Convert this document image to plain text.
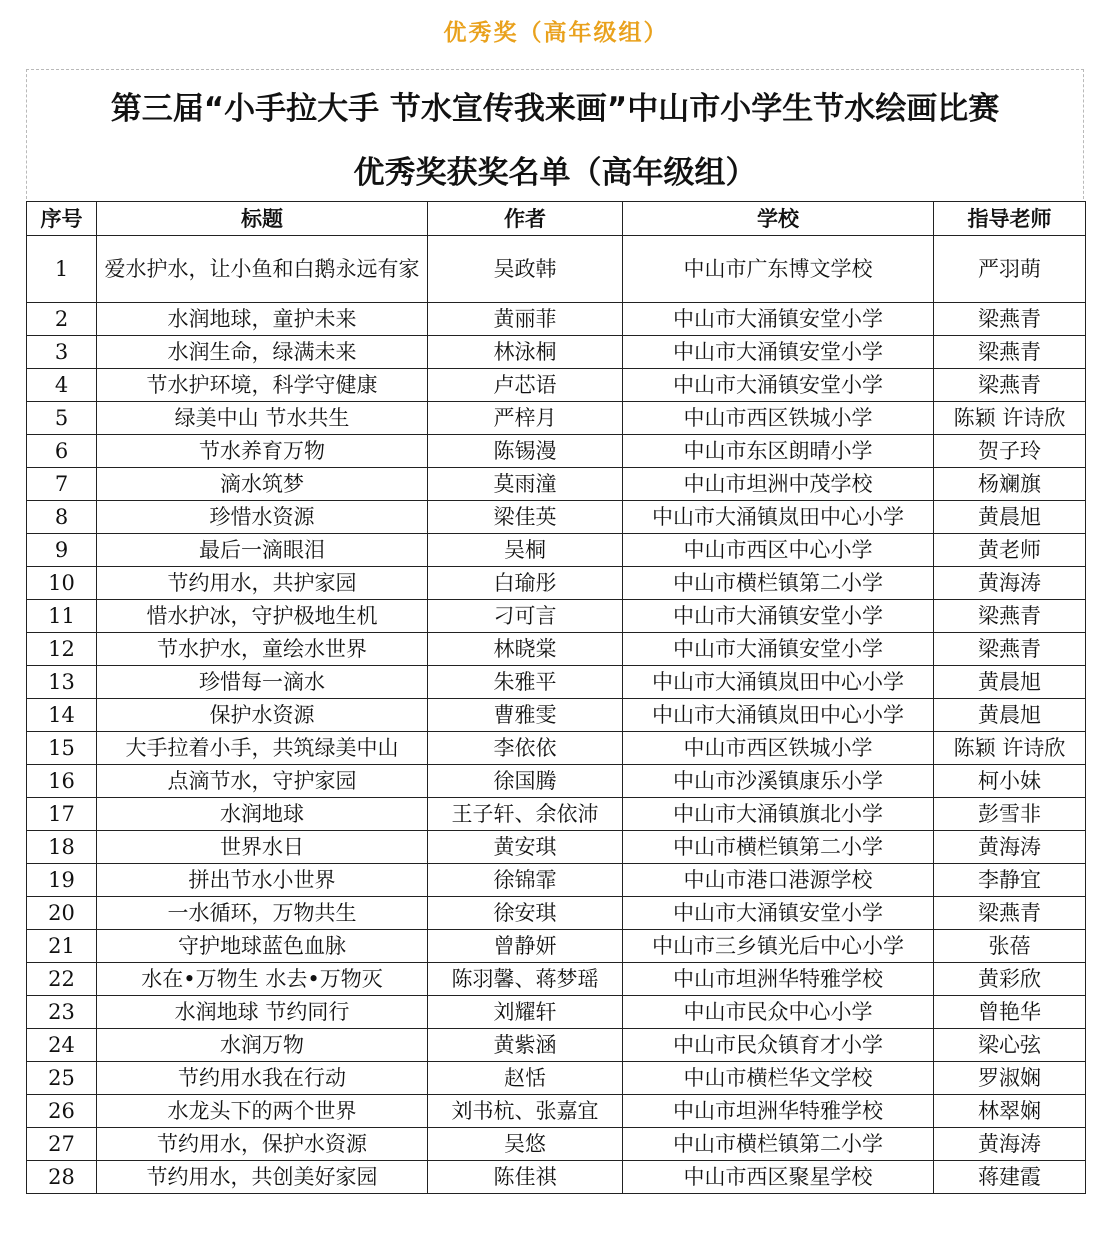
优秀奖（高年级组）
第三届“小手拉大手 节水宣传我来画”中山市小学生节水绘画比赛
优秀奖获奖名单（高年级组）
序号	标题	作者	学校	指导老师
1	爱水护水，让小鱼和白鹅永远有家	吴政韩	中山市广东博文学校	严羽萌
2	水润地球，童护未来	黄丽菲	中山市大涌镇安堂小学	梁燕青
3	水润生命，绿满未来	林泳桐	中山市大涌镇安堂小学	梁燕青
4	节水护环境，科学守健康	卢芯语	中山市大涌镇安堂小学	梁燕青
5	绿美中山 节水共生	严梓月	中山市西区铁城小学	陈颖 许诗欣
6	节水养育万物	陈锡漫	中山市东区朗晴小学	贺子玲
7	滴水筑梦	莫雨潼	中山市坦洲中茂学校	杨斓旗
8	珍惜水资源	梁佳英	中山市大涌镇岚田中心小学	黄晨旭
9	最后一滴眼泪	吴桐	中山市西区中心小学	黄老师
10	节约用水，共护家园	白瑜彤	中山市横栏镇第二小学	黄海涛
11	惜水护冰，守护极地生机	刁可言	中山市大涌镇安堂小学	梁燕青
12	节水护水，童绘水世界	林晓棠	中山市大涌镇安堂小学	梁燕青
13	珍惜每一滴水	朱雅平	中山市大涌镇岚田中心小学	黄晨旭
14	保护水资源	曹雅雯	中山市大涌镇岚田中心小学	黄晨旭
15	大手拉着小手，共筑绿美中山	李依依	中山市西区铁城小学	陈颖 许诗欣
16	点滴节水，守护家园	徐国腾	中山市沙溪镇康乐小学	柯小妹
17	水润地球	王子轩、余依沛	中山市大涌镇旗北小学	彭雪非
18	世界水日	黄安琪	中山市横栏镇第二小学	黄海涛
19	拼出节水小世界	徐锦霏	中山市港口港源学校	李静宜
20	一水循环，万物共生	徐安琪	中山市大涌镇安堂小学	梁燕青
21	守护地球蓝色血脉	曾静妍	中山市三乡镇光后中心小学	张蓓
22	水在•万物生 水去•万物灭	陈羽馨、蒋梦瑶	中山市坦洲华特雅学校	黄彩欣
23	水润地球 节约同行	刘耀轩	中山市民众中心小学	曾艳华
24	水润万物	黄紫涵	中山市民众镇育才小学	梁心弦
25	节约用水我在行动	赵恬	中山市横栏华文学校	罗淑娴
26	水龙头下的两个世界	刘书杭、张嘉宜	中山市坦洲华特雅学校	林翠娴
27	节约用水，保护水资源	吴悠	中山市横栏镇第二小学	黄海涛
28	节约用水，共创美好家园	陈佳祺	中山市西区聚星学校	蒋建霞
